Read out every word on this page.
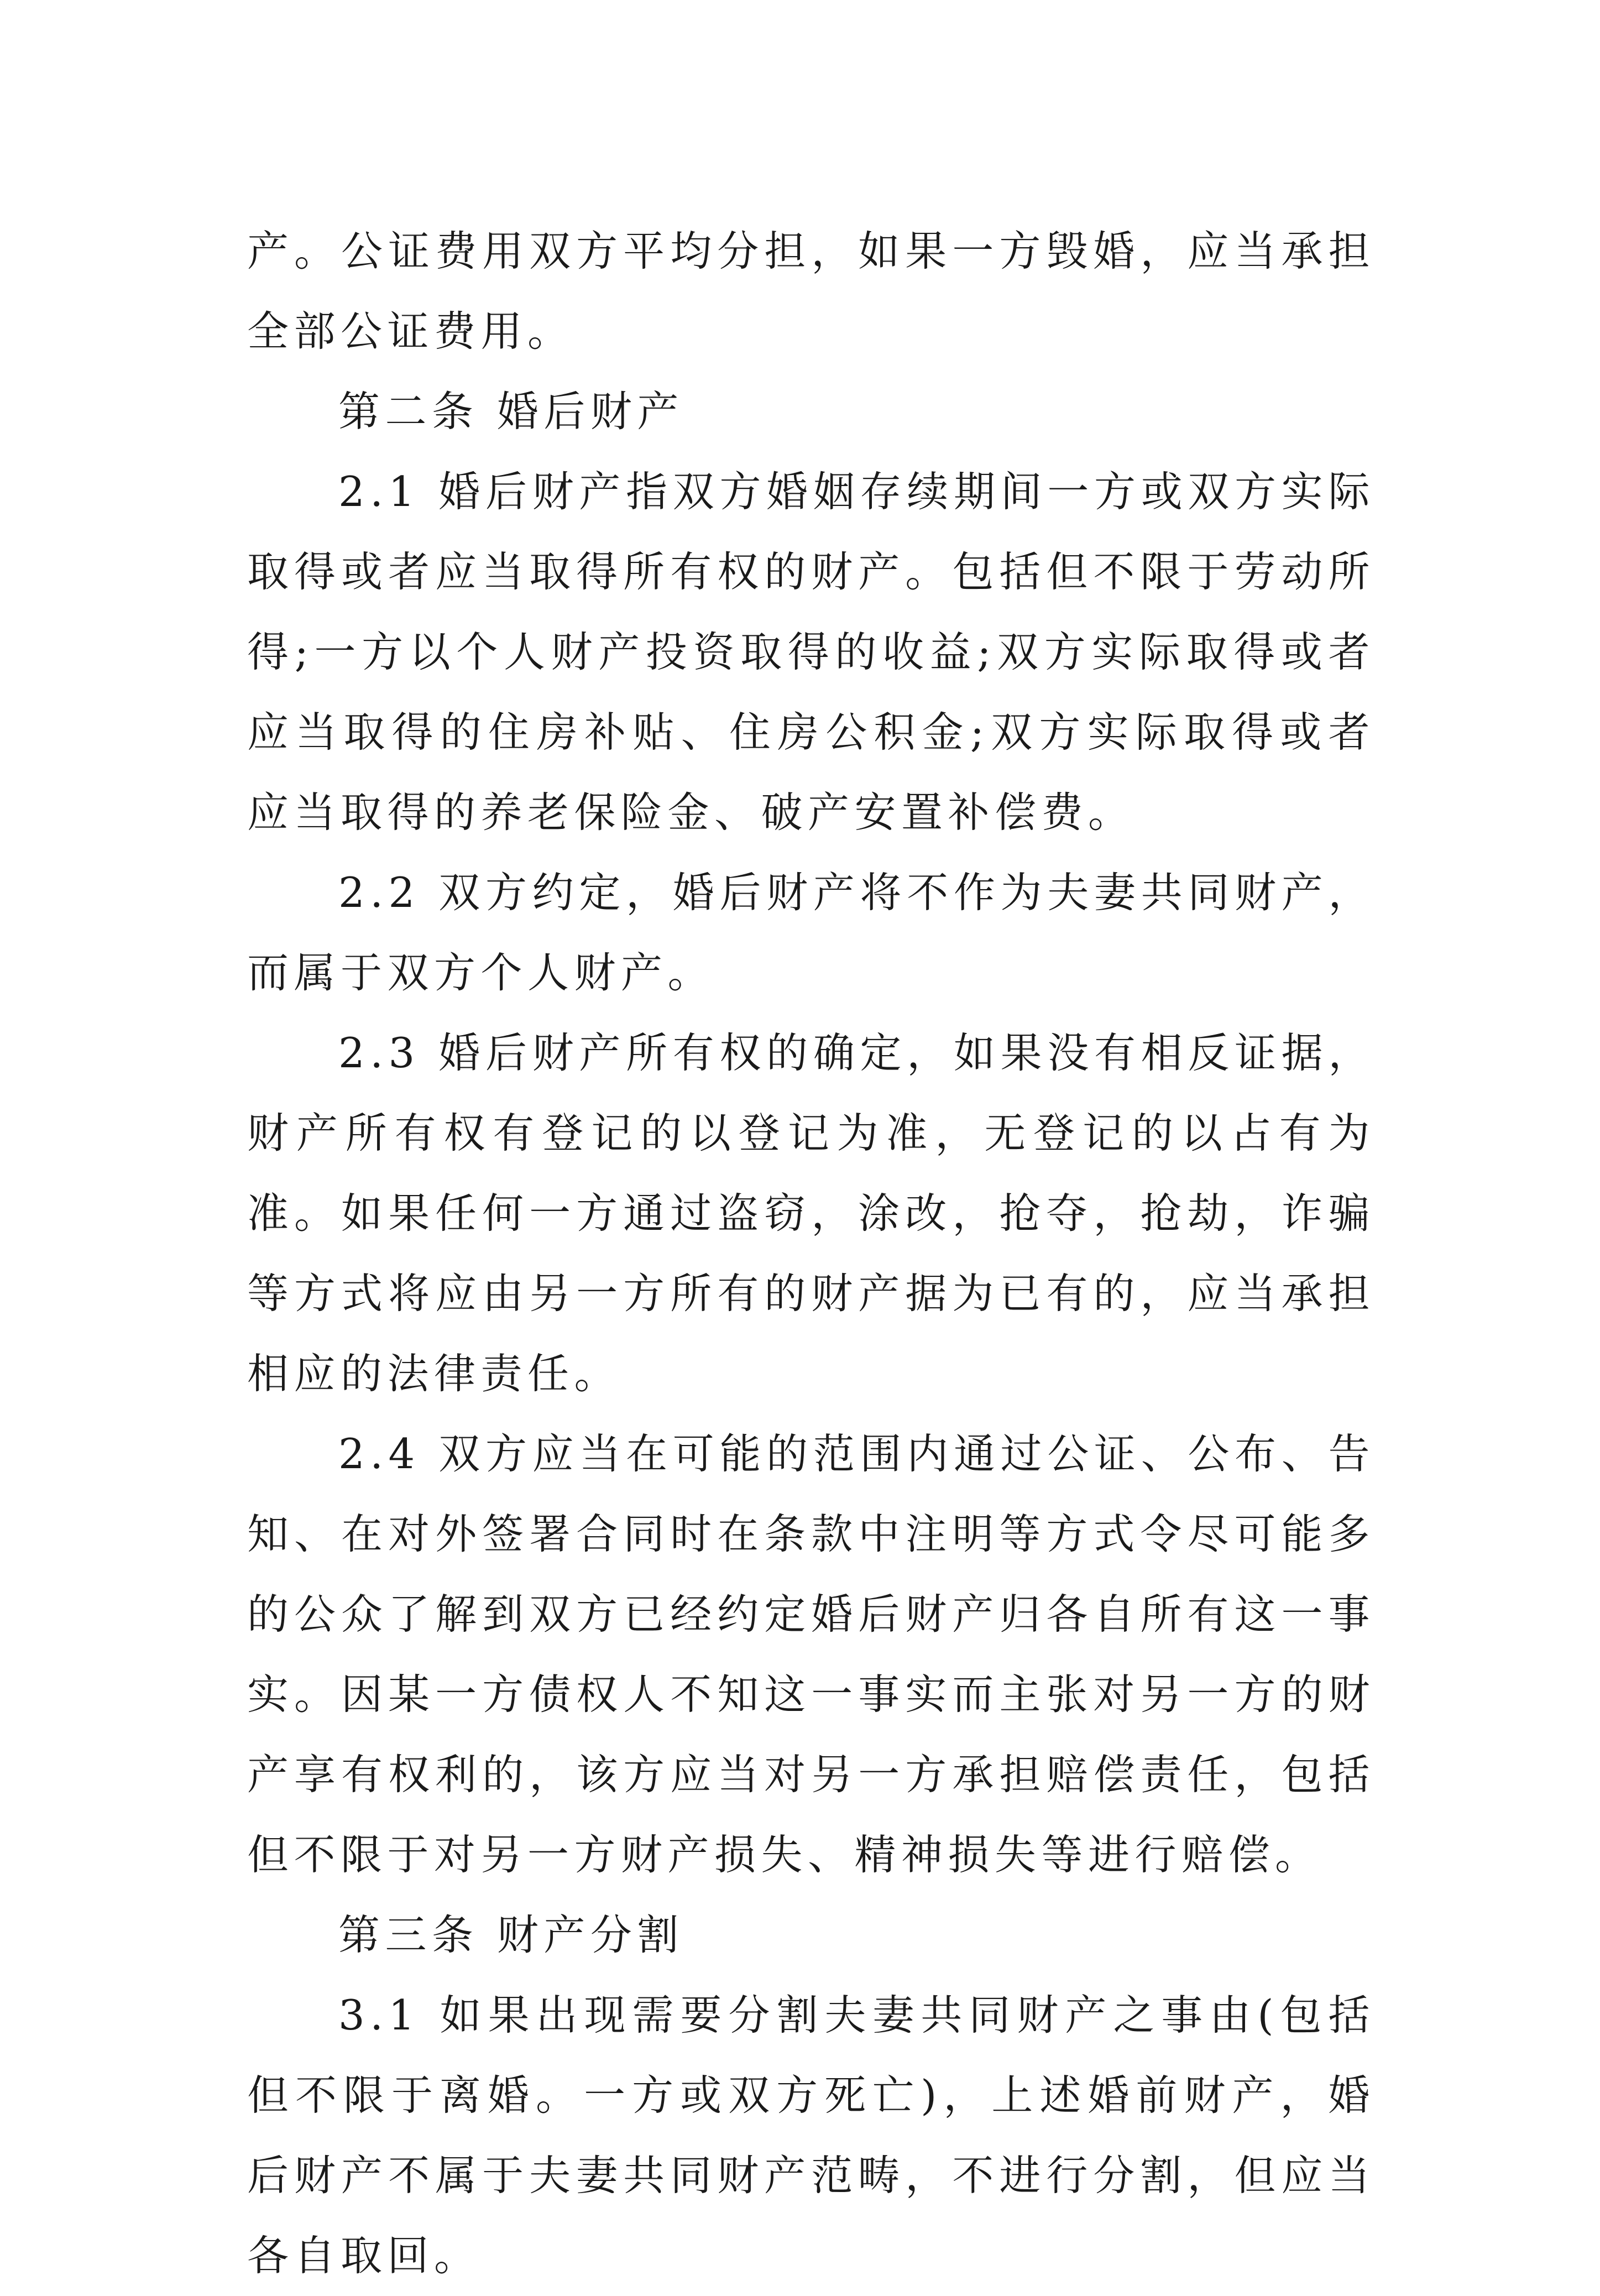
产。公证费用双方平均分担，如果一方毁婚，应当承担全部公证费用。

第二条 婚后财产

2.1 婚后财产指双方婚姻存续期间一方或双方实际取得或者应当取得所有权的财产。包括但不限于劳动所得;一方以个人财产投资取得的收益;双方实际取得或者应当取得的住房补贴、住房公积金;双方实际取得或者应当取得的养老保险金、破产安置补偿费。

2.2 双方约定，婚后财产将不作为夫妻共同财产，而属于双方个人财产。

2.3 婚后财产所有权的确定，如果没有相反证据，财产所有权有登记的以登记为准，无登记的以占有为准。如果任何一方通过盗窃，涂改，抢夺，抢劫，诈骗等方式将应由另一方所有的财产据为已有的，应当承担相应的法律责任。

2.4 双方应当在可能的范围内通过公证、公布、告知、在对外签署合同时在条款中注明等方式令尽可能多的公众了解到双方已经约定婚后财产归各自所有这一事实。因某一方债权人不知这一事实而主张对另一方的财产享有权利的，该方应当对另一方承担赔偿责任，包括但不限于对另一方财产损失、精神损失等进行赔偿。

第三条 财产分割

3.1 如果出现需要分割夫妻共同财产之事由(包括但不限于离婚。一方或双方死亡)，上述婚前财产，婚后财产不属于夫妻共同财产范畴，不进行分割，但应当各自取回。
